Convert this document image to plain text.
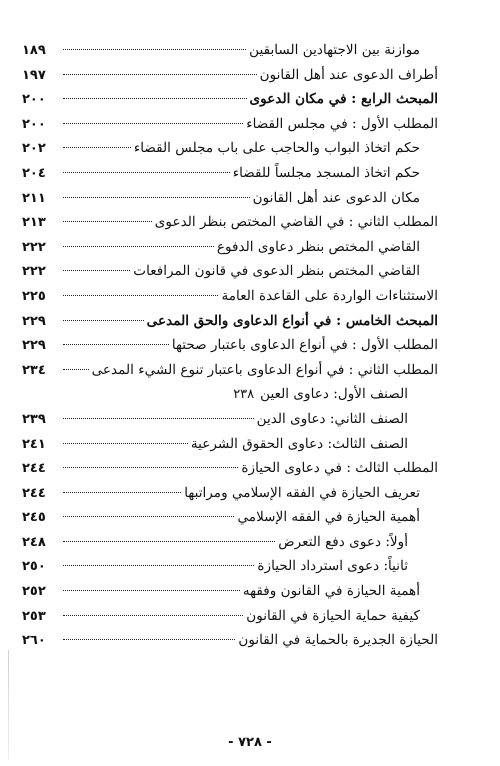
موازنة بين الاجتهادين السابقين
١٨٩
أطراف الدعوى عند أهل القانون
١٩٧
المبحث الرابع : في مكان الدعوى
٢٠٠
المطلب الأول : في مجلس القضاء
٢٠٠
حكم اتخاذ البواب والحاجب على باب مجلس القضاء
٢٠٢
حكم اتخاذ المسجد مجلساً للقضاء
٢٠٤
مكان الدعوى عند أهل القانون
٢١١
المطلب الثاني : في القاضي المختص بنظر الدعوى
٢١٣
القاضي المختص بنظر دعاوى الدفوع
٢٢٢
القاضي المختص بنظر الدعوى في قانون المرافعات
٢٢٢
الاستثناءات الواردة على القاعدة العامة
٢٢٥
المبحث الخامس : في أنواع الدعاوى والحق المدعى
٢٢٩
المطلب الأول : في أنواع الدعاوى باعتبار صحتها
٢٢٩
المطلب الثاني : في أنواع الدعاوى باعتبار تنوع الشيء المدعى
٢٣٤
الصنف الأول: دعاوى العين
٢٣٨
الصنف الثاني: دعاوى الدين
٢٣٩
الصنف الثالث: دعاوى الحقوق الشرعية
٢٤١
المطلب الثالث : في دعاوى الحيازة
٢٤٤
تعريف الحيازة في الفقه الإسلامي ومراتبها
٢٤٤
أهمية الحيازة في الفقه الإسلامي
٢٤٥
أولاً: دعوى دفع التعرض
٢٤٨
ثانياً: دعوى استرداد الحيازة
٢٥٠
أهمية الحيازة في القانون وفقهه
٢٥٢
كيفية حماية الحيازة في القانون
٢٥٣
الحيازة الجديرة بالحماية في القانون
٢٦٠
- ٧٢٨ -
